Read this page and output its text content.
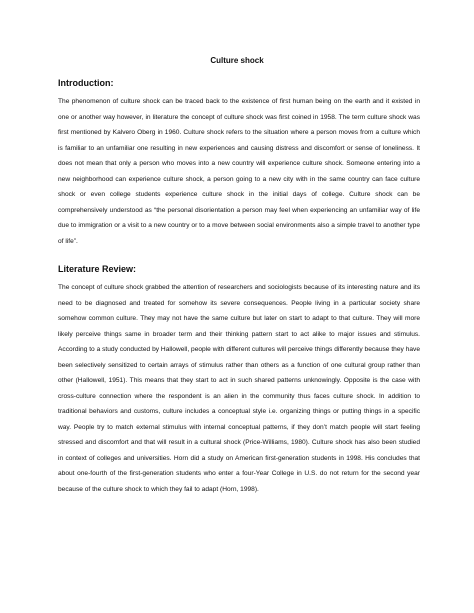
Culture shock
Introduction:
The phenomenon of culture shock can be traced back to the existence of first human being on the earth and it existed in one or another way however, in literature the concept of culture shock was first coined in 1958. The term culture shock was first mentioned by Kalvero Oberg in 1960. Culture shock refers to the situation where a person moves from a culture which is familiar to an unfamiliar one resulting in new experiences and causing distress and discomfort or sense of loneliness. It does not mean that only a person who moves into a new country will experience culture shock. Someone entering into a new neighborhood can experience culture shock, a person going to a new city with in the same country can face culture shock or even college students experience culture shock in the initial days of college. Culture shock can be comprehensively understood as “the personal disorientation a person may feel when experiencing an unfamiliar way of life due to immigration or a visit to a new country or to a move between social environments also a simple travel to another type of life”.
Literature Review:
The concept of culture shock grabbed the attention of researchers and sociologists because of its interesting nature and its need to be diagnosed and treated for somehow its severe consequences. People living in a particular society share somehow common culture. They may not have the same culture but later on start to adapt to that culture. They will more likely perceive things same in broader term and their thinking pattern start to act alike to major issues and stimulus. According to a study conducted by Hallowell, people with different cultures will perceive things differently because they have been selectively sensitized to certain arrays of stimulus rather than others as a function of one cultural group rather than other (Hallowell, 1951). This means that they start to act in such shared patterns unknowingly. Opposite is the case with cross-culture connection where the respondent is an alien in the community thus faces culture shock. In addition to traditional behaviors and customs, culture includes a conceptual style i.e. organizing things or putting things in a specific way. People try to match external stimulus with internal conceptual patterns, if they don’t match people will start feeling stressed and discomfort and that will result in a cultural shock (Price-Williams, 1980). Culture shock has also been studied in context of colleges and universities. Horn did a study on American first-generation students in 1998. His concludes that about one-fourth of the first-generation students who enter a four-Year College in U.S. do not return for the second year because of the culture shock to which they fail to adapt (Horn, 1998).
